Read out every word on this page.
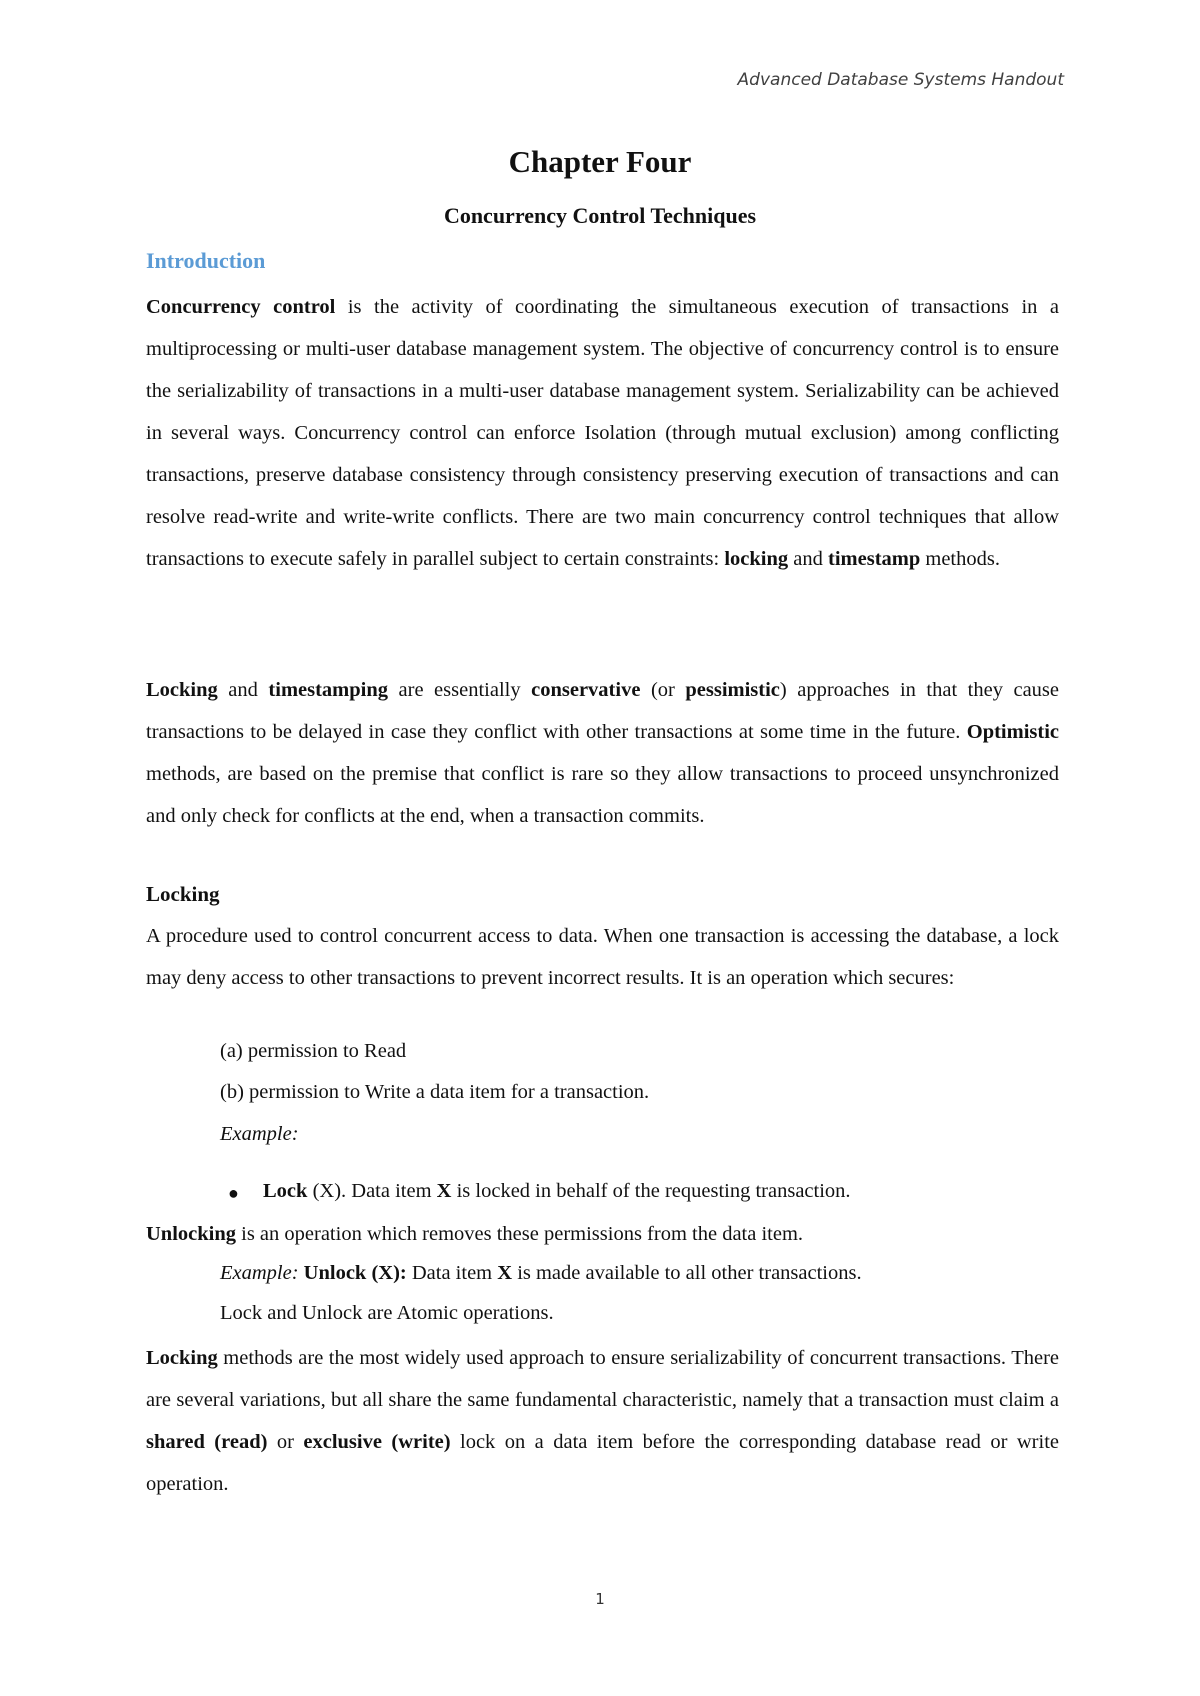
Advanced Database Systems Handout
Chapter Four
Concurrency Control Techniques
Introduction

Concurrency control is the activity of coordinating the simultaneous execution of transactions in a multiprocessing or multi-user database management system. The objective of concurrency control is to ensure the serializability of transactions in a multi-user database management system. Serializability can be achieved in several ways. Concurrency control can enforce Isolation (through mutual exclusion) among conflicting transactions, preserve database consistency through consistency preserving execution of transactions and can resolve read-write and write-write conflicts. There are two main concurrency control techniques that allow transactions to execute safely in parallel subject to certain constraints: locking and timestamp methods.

Locking and timestamping are essentially conservative (or pessimistic) approaches in that they cause transactions to be delayed in case they conflict with other transactions at some time in the future. Optimistic methods, are based on the premise that conflict is rare so they allow transactions to proceed unsynchronized and only check for conflicts at the end, when a transaction commits.

Locking

A procedure used to control concurrent access to data. When one transaction is accessing the database, a lock may deny access to other transactions to prevent incorrect results. It is an operation which secures:

(a) permission to Read
(b) permission to Write a data item for a transaction.
Example:
● Lock (X). Data item X is locked in behalf of the requesting transaction.
Unlocking is an operation which removes these permissions from the data item.
Example: Unlock (X): Data item X is made available to all other transactions.
Lock and Unlock are Atomic operations.

Locking methods are the most widely used approach to ensure serializability of concurrent transactions. There are several variations, but all share the same fundamental characteristic, namely that a transaction must claim a shared (read) or exclusive (write) lock on a data item before the corresponding database read or write operation.

1
